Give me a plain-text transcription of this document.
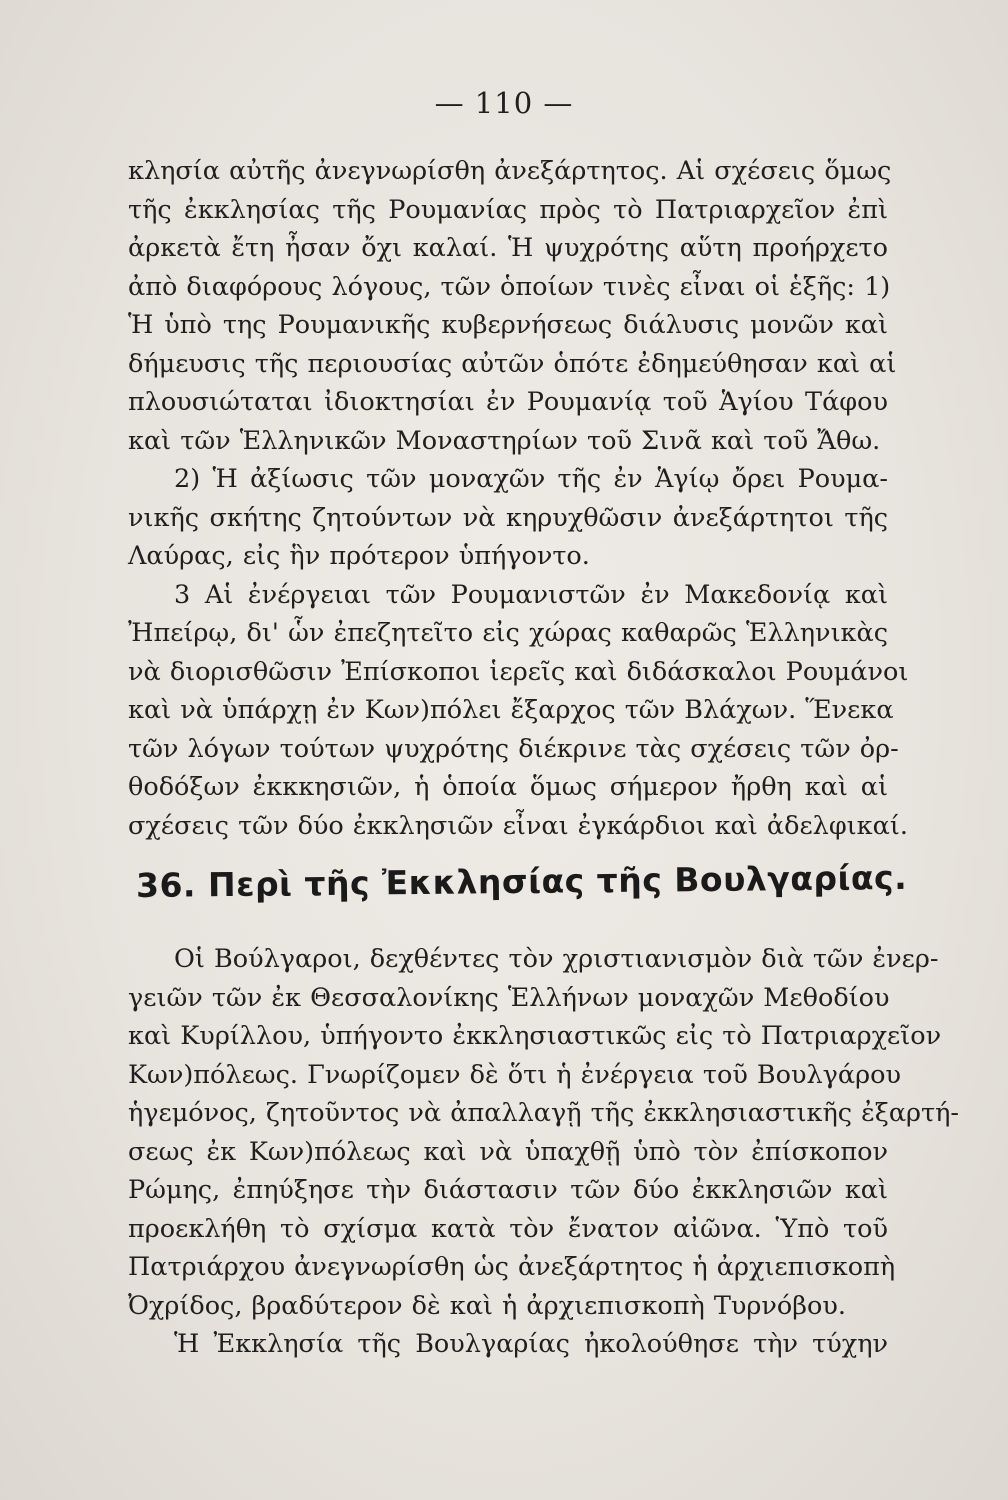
— 110 —
κλησία αὐτῆς ἀνεγνωρίσθη ἀνεξάρτητος. Αἱ σχέσεις ὅμως
τῆς ἐκκλησίας τῆς Ρουμανίας πρὸς τὸ Πατριαρχεῖον ἐπὶ
ἀρκετὰ ἔτη ἦσαν ὄχι καλαί. Ἡ ψυχρότης αὕτη προήρχετο
ἀπὸ διαφόρους λόγους, τῶν ὁποίων τινὲς εἶναι οἱ ἑξῆς: 1)
Ἡ ὑπὸ της Ρουμανικῆς κυβερνήσεως διάλυσις μονῶν καὶ
δήμευσις τῆς περιουσίας αὐτῶν ὁπότε ἐδημεύθησαν καὶ αἱ
πλουσιώταται ἰδιοκτησίαι ἐν Ρουμανίᾳ τοῦ Ἁγίου Τάφου
καὶ τῶν Ἑλληνικῶν Μοναστηρίων τοῦ Σινᾶ καὶ τοῦ Ἄθω.
2) Ἡ ἀξίωσις τῶν μοναχῶν τῆς ἐν Ἁγίῳ ὄρει Ρουμα-
νικῆς σκήτης ζητούντων νὰ κηρυχθῶσιν ἀνεξάρτητοι τῆς
Λαύρας, εἰς ἣν πρότερον ὑπήγοντο.
3 Αἱ ἐνέργειαι τῶν Ρουμανιστῶν ἐν Μακεδονίᾳ καὶ
Ἠπείρῳ, δι' ὧν ἐπεζητεῖτο εἰς χώρας καθαρῶς Ἑλληνικὰς
νὰ διορισθῶσιν Ἐπίσκοποι ἱερεῖς καὶ διδάσκαλοι Ρουμάνοι
καὶ νὰ ὑπάρχῃ ἐν Κων)πόλει ἔξαρχος τῶν Βλάχων. Ἕνεκα
τῶν λόγων τούτων ψυχρότης διέκρινε τὰς σχέσεις τῶν ὀρ-
θοδόξων ἐκκκησιῶν, ἡ ὁποία ὅμως σήμερον ἤρθη καὶ αἱ
σχέσεις τῶν δύο ἐκκλησιῶν εἶναι ἐγκάρδιοι καὶ ἀδελφικαί.
36. Περὶ τῆς Ἐκκλησίας τῆς Βουλγαρίας.
Οἱ Βούλγαροι, δεχθέντες τὸν χριστιανισμὸν διὰ τῶν ἐνερ-
γειῶν τῶν ἐκ Θεσσαλονίκης Ἑλλήνων μοναχῶν Μεθοδίου
καὶ Κυρίλλου, ὑπήγοντο ἐκκλησιαστικῶς εἰς τὸ Πατριαρχεῖον
Κων)πόλεως. Γνωρίζομεν δὲ ὅτι ἡ ἐνέργεια τοῦ Βουλγάρου
ἡγεμόνος, ζητοῦντος νὰ ἀπαλλαγῇ τῆς ἐκκλησιαστικῆς ἐξαρτή-
σεως ἐκ Κων)πόλεως καὶ νὰ ὑπαχθῇ ὑπὸ τὸν ἐπίσκοπον
Ρώμης, ἐπηύξησε τὴν διάστασιν τῶν δύο ἐκκλησιῶν καὶ
προεκλήθη τὸ σχίσμα κατὰ τὸν ἔνατον αἰῶνα. Ὑπὸ τοῦ
Πατριάρχου ἀνεγνωρίσθη ὡς ἀνεξάρτητος ἡ ἀρχιεπισκοπὴ
Ὀχρίδος, βραδύτερον δὲ καὶ ἡ ἀρχιεπισκοπὴ Τυρνόβου.
Ἡ Ἐκκλησία τῆς Βουλγαρίας ἠκολούθησε τὴν τύχην
